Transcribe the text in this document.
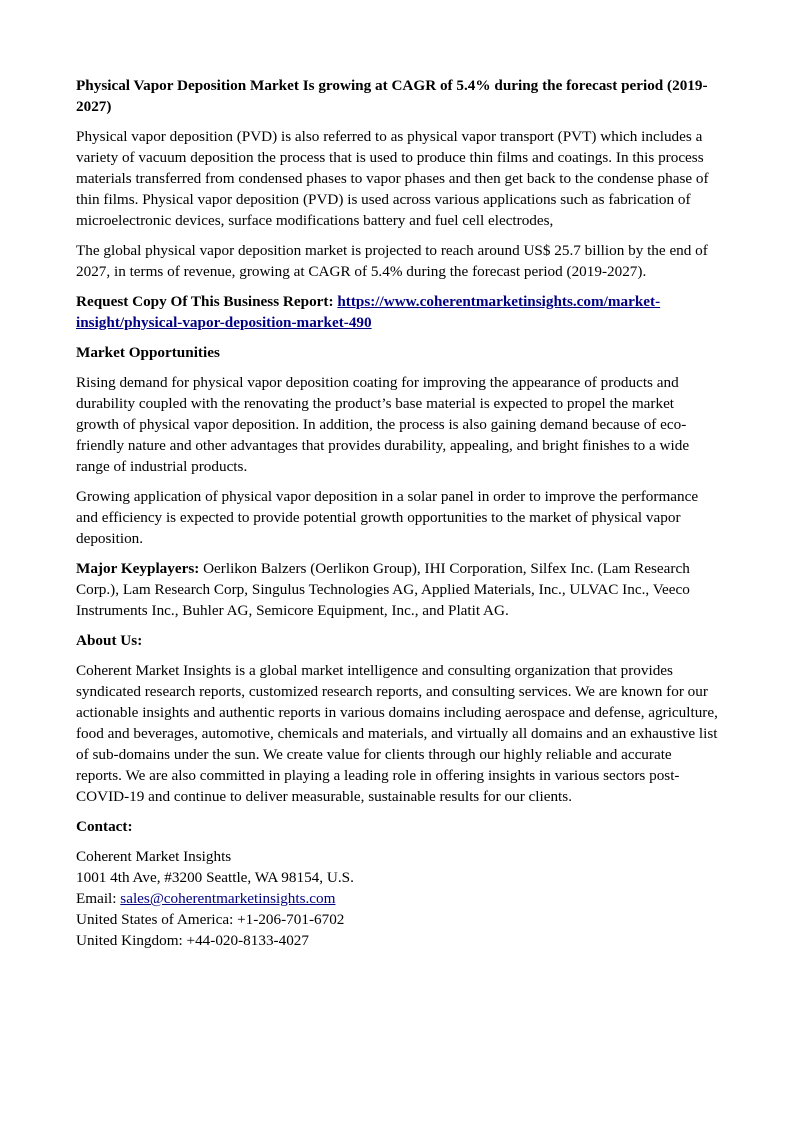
Physical Vapor Deposition Market Is growing at CAGR of 5.4% during the forecast period (2019-2027)

Physical vapor deposition (PVD) is also referred to as physical vapor transport (PVT) which includes a variety of vacuum deposition the process that is used to produce thin films and coatings. In this process materials transferred from condensed phases to vapor phases and then get back to the condense phase of thin films. Physical vapor deposition (PVD) is used across various applications such as fabrication of microelectronic devices, surface modifications battery and fuel cell electrodes,

The global physical vapor deposition market is projected to reach around US$ 25.7 billion by the end of 2027, in terms of revenue, growing at CAGR of 5.4% during the forecast period (2019-2027).

Request Copy Of This Business Report: https://www.coherentmarketinsights.com/market-insight/physical-vapor-deposition-market-490

Market Opportunities

Rising demand for physical vapor deposition coating for improving the appearance of products and durability coupled with the renovating the product’s base material is expected to propel the market growth of physical vapor deposition. In addition, the process is also gaining demand because of eco-friendly nature and other advantages that provides durability, appealing, and bright finishes to a wide range of industrial products.

Growing application of physical vapor deposition in a solar panel in order to improve the performance and efficiency is expected to provide potential growth opportunities to the market of physical vapor deposition.

Major Keyplayers: Oerlikon Balzers (Oerlikon Group), IHI Corporation, Silfex Inc. (Lam Research Corp.), Lam Research Corp, Singulus Technologies AG, Applied Materials, Inc., ULVAC Inc., Veeco Instruments Inc., Buhler AG, Semicore Equipment, Inc., and Platit AG.

About Us:

Coherent Market Insights is a global market intelligence and consulting organization that provides syndicated research reports, customized research reports, and consulting services. We are known for our actionable insights and authentic reports in various domains including aerospace and defense, agriculture, food and beverages, automotive, chemicals and materials, and virtually all domains and an exhaustive list of sub-domains under the sun. We create value for clients through our highly reliable and accurate reports. We are also committed in playing a leading role in offering insights in various sectors post-COVID-19 and continue to deliver measurable, sustainable results for our clients.

Contact:

Coherent Market Insights
1001 4th Ave, #3200 Seattle, WA 98154, U.S.
Email: sales@coherentmarketinsights.com
United States of America: +1-206-701-6702
United Kingdom: +44-020-8133-4027
